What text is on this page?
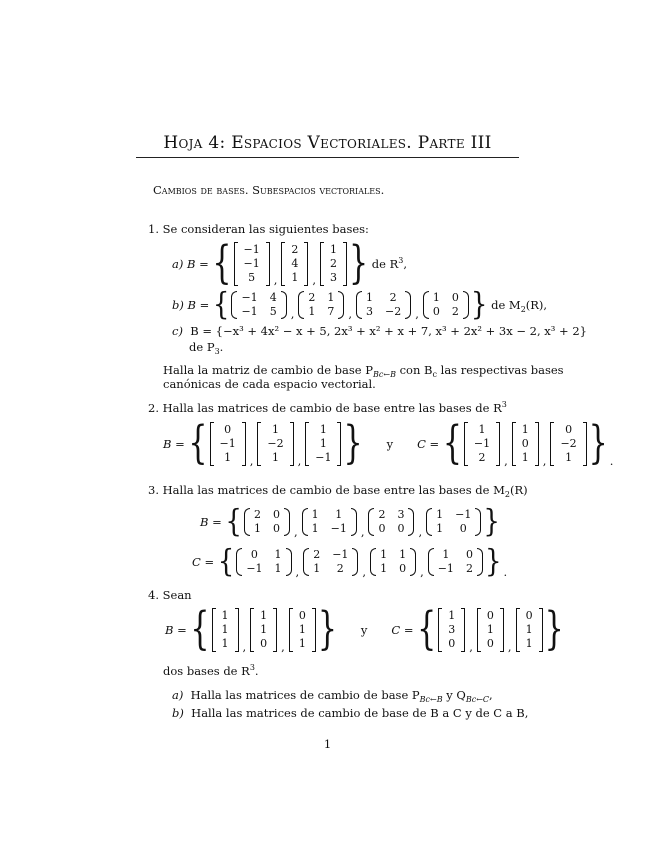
Hoja 4: Espacios Vectoriales. Parte III
Cambios de bases. Subespacios vectoriales.
1. Se consideran las siguientes bases:
a)
B
=
{ −1
−1
5 ,
2
4
1 ,
1
2
3 }
de $R^3$,
b)
B
=
{ −1 4
−1 5 ,
2 1
1 7 ,
1 2
3 −2 ,
1 0
0 2 }
de $M_2(R)$,
c) B = {−x³ + 4x² − x + 5, 2x³ + x² + x + 7, x³ + 2x² + 3x − 2, x³ + 2}
de $P_3$.
Halla la matriz de cambio de base $P_{Bc\leftarrow B}$ con $B_c$ las respectivas bases
canónicas de cada espacio vectorial.
2. Halla las matrices de cambio de base entre las bases de $R^3$
B
=
{ 0
−1
1 ,
1
−2
1 ,
1
1
−1 } y C
=
{ 1
−1
2 ,
1
0
1 ,
0
−2
1 } .
3. Halla las matrices de cambio de base entre las bases de $M_2(R)$
B
=
{ 2 0
1 0 ,
1 1
1 −1 ,
2 3
0 0 ,
1 −1
1 0 }
C
=
{ 0 1
−1 1 ,
2 −1
1 2 ,
1 1
1 0 ,
1 0
−1 2 } .
4. Sean
B
=
{ 1
1
1 ,
1
1
0 ,
0
1
1 } y C
=
{ 1
3
0 ,
0
1
0 ,
0
1
1 }
dos bases de $R^3$.
a) Halla las matrices de cambio de base $P_{Bc\leftarrow B}$ y $Q_{Bc\leftarrow C}$,
b) Halla las matrices de cambio de base de B a C y de C a B,
1
